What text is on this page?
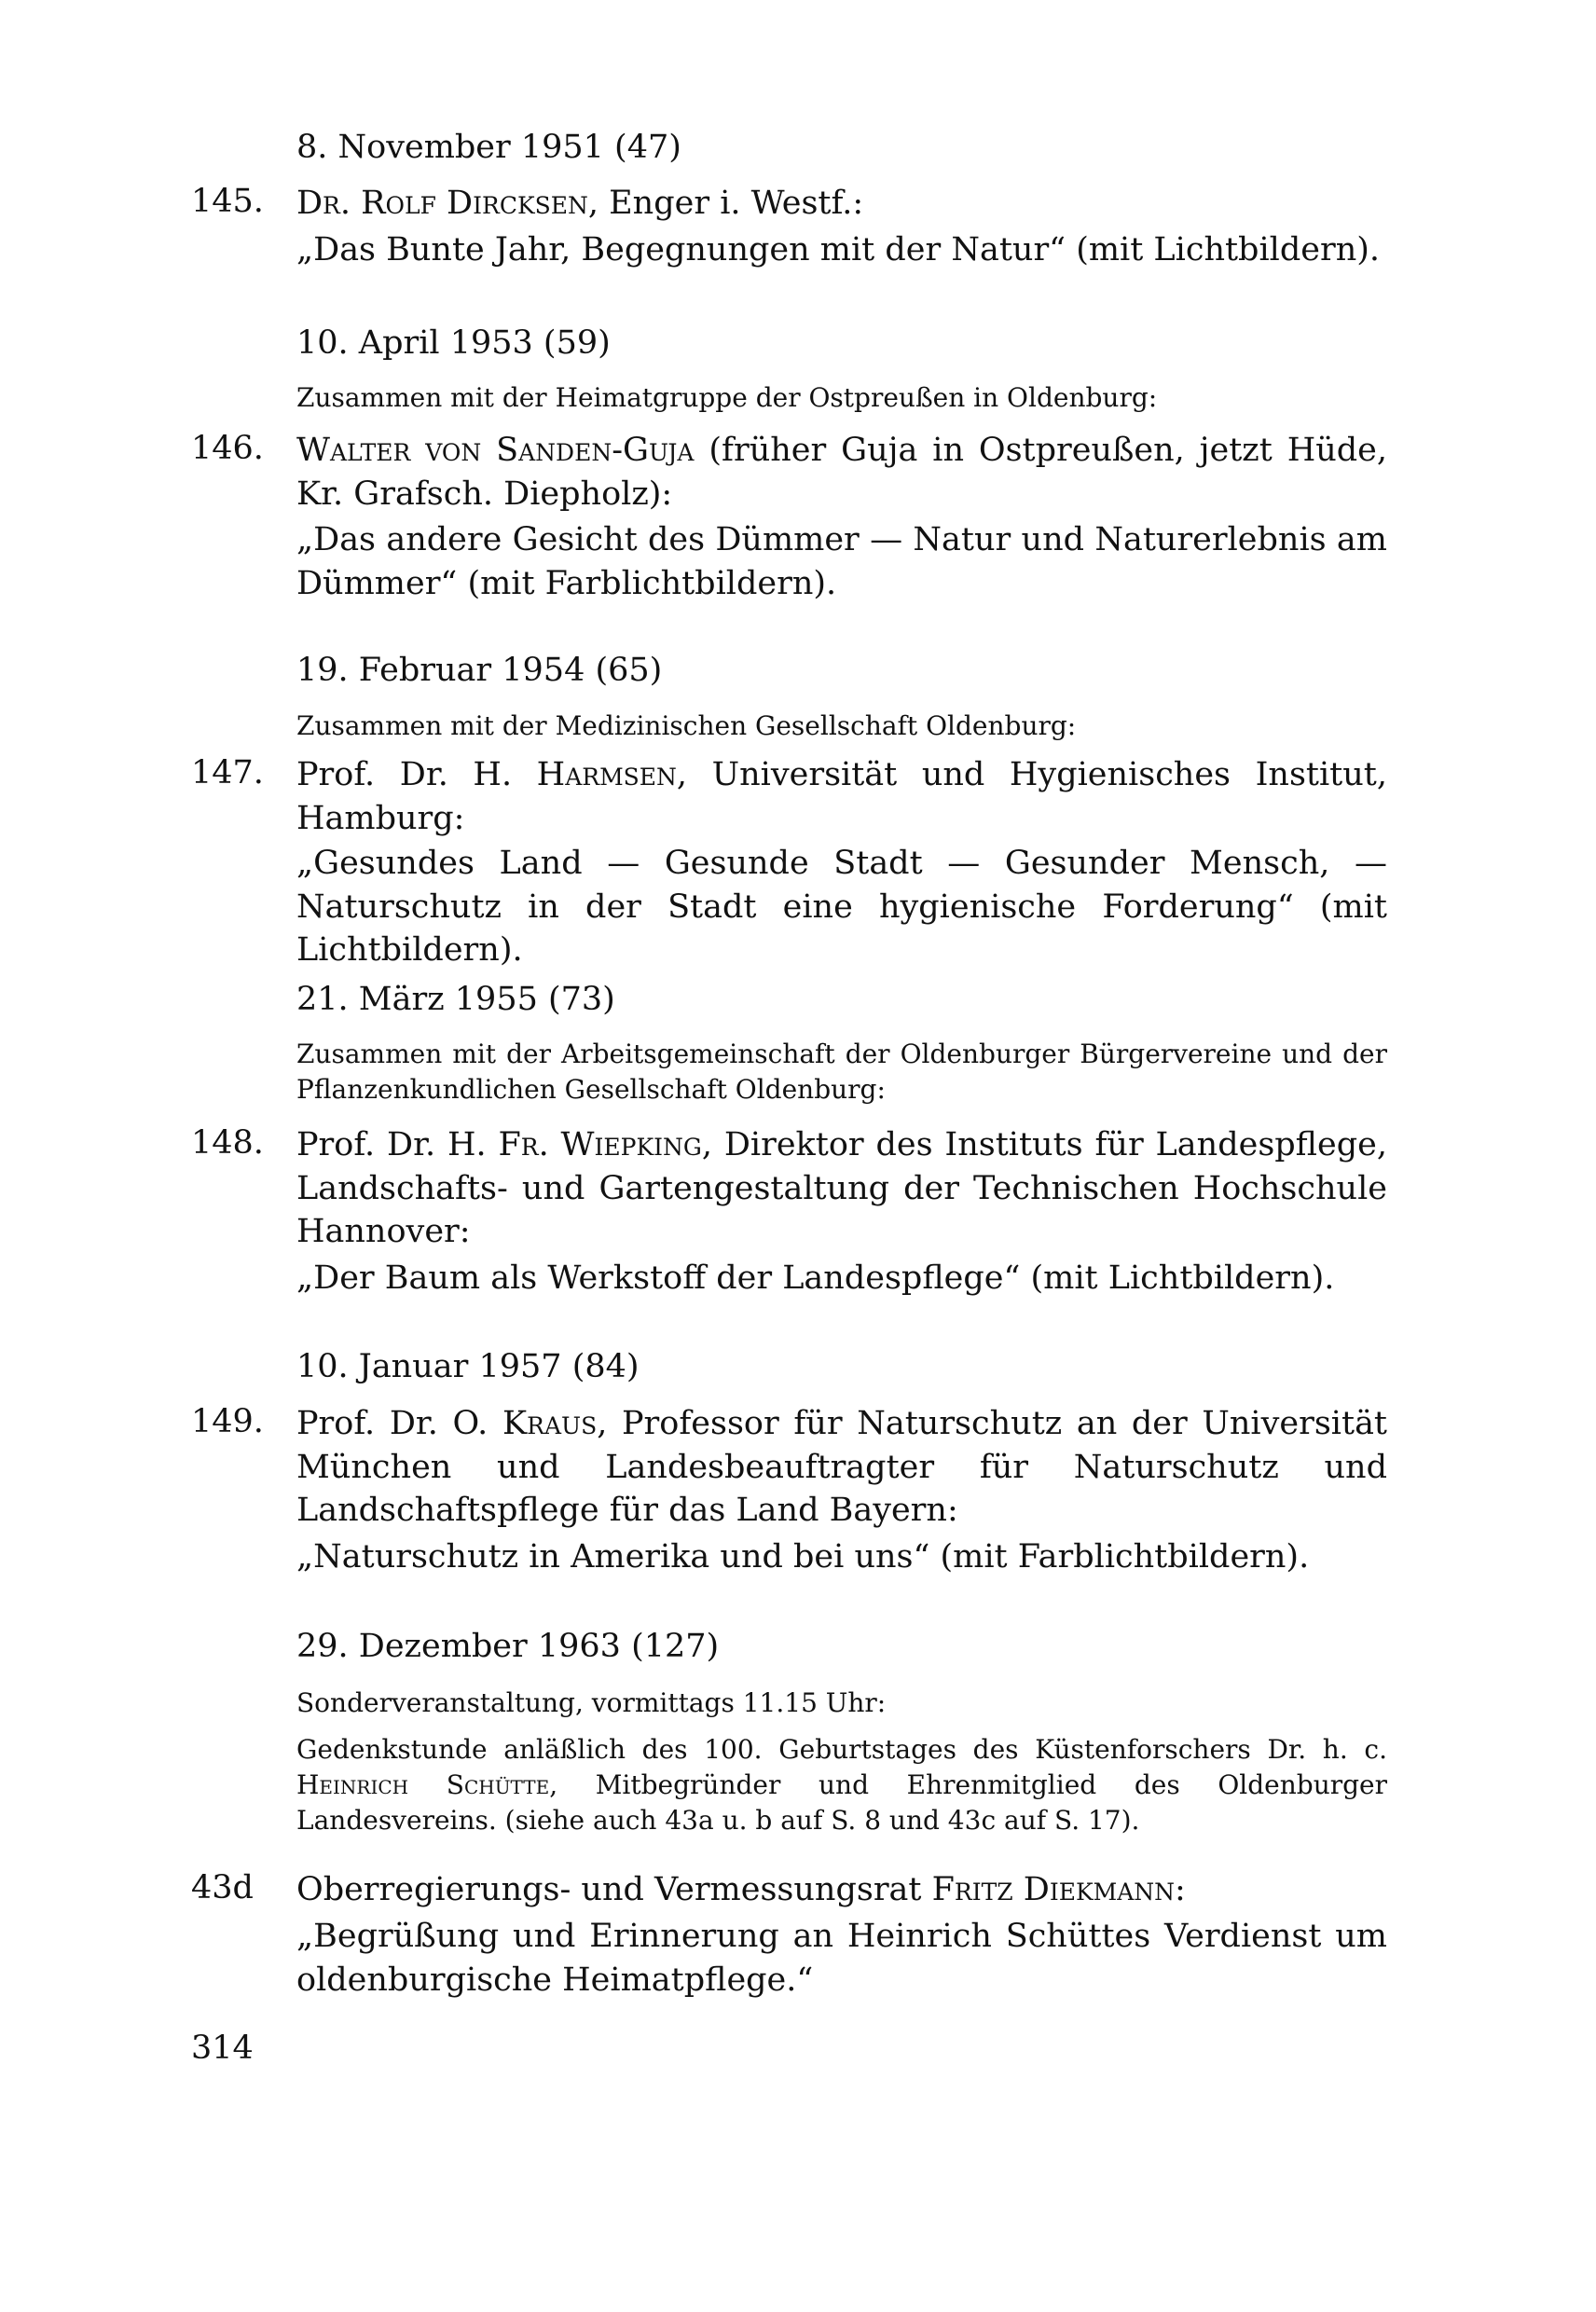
8. November 1951 (47)
145.	Dr. Rolf Dircksen, Enger i. Westf.:
„Das Bunte Jahr, Begegnungen mit der Natur“ (mit Lichtbildern).
10. April 1953 (59)
Zusammen mit der Heimatgruppe der Ostpreußen in Oldenburg:
146.	Walter von Sanden-Guja (früher Guja in Ostpreußen, jetzt Hüde, Kr. Grafsch. Diepholz):
„Das andere Gesicht des Dümmer — Natur und Naturerlebnis am Dümmer“ (mit Farblichtbildern).
19. Februar 1954 (65)
Zusammen mit der Medizinischen Gesellschaft Oldenburg:
147.	Prof. Dr. H. Harmsen, Universität und Hygienisches Institut, Hamburg:
„Gesundes Land — Gesunde Stadt — Gesunder Mensch, — Naturschutz in der Stadt eine hygienische Forderung“ (mit Lichtbildern).
21. März 1955 (73)
Zusammen mit der Arbeitsgemeinschaft der Oldenburger Bürgervereine und der Pflanzenkundlichen Gesellschaft Oldenburg:
148.	Prof. Dr. H. Fr. Wiepking, Direktor des Instituts für Landespflege, Landschafts- und Gartengestaltung der Technischen Hochschule Hannover:
„Der Baum als Werkstoff der Landespflege“ (mit Lichtbildern).
10. Januar 1957 (84)
149.	Prof. Dr. O. Kraus, Professor für Naturschutz an der Universität München und Landesbeauftragter für Naturschutz und Landschaftspflege für das Land Bayern:
„Naturschutz in Amerika und bei uns“ (mit Farblichtbildern).
29. Dezember 1963 (127)
Sonderveranstaltung, vormittags 11.15 Uhr:
Gedenkstunde anläßlich des 100. Geburtstages des Küstenforschers Dr. h. c. Heinrich Schütte, Mitbegründer und Ehrenmitglied des Oldenburger Landesvereins. (siehe auch 43a u. b auf S. 8 und 43c auf S. 17).
43d	Oberregierungs- und Vermessungsrat Fritz Diekmann:
„Begrüßung und Erinnerung an Heinrich Schüttes Verdienst um oldenburgische Heimatpflege.“
314
